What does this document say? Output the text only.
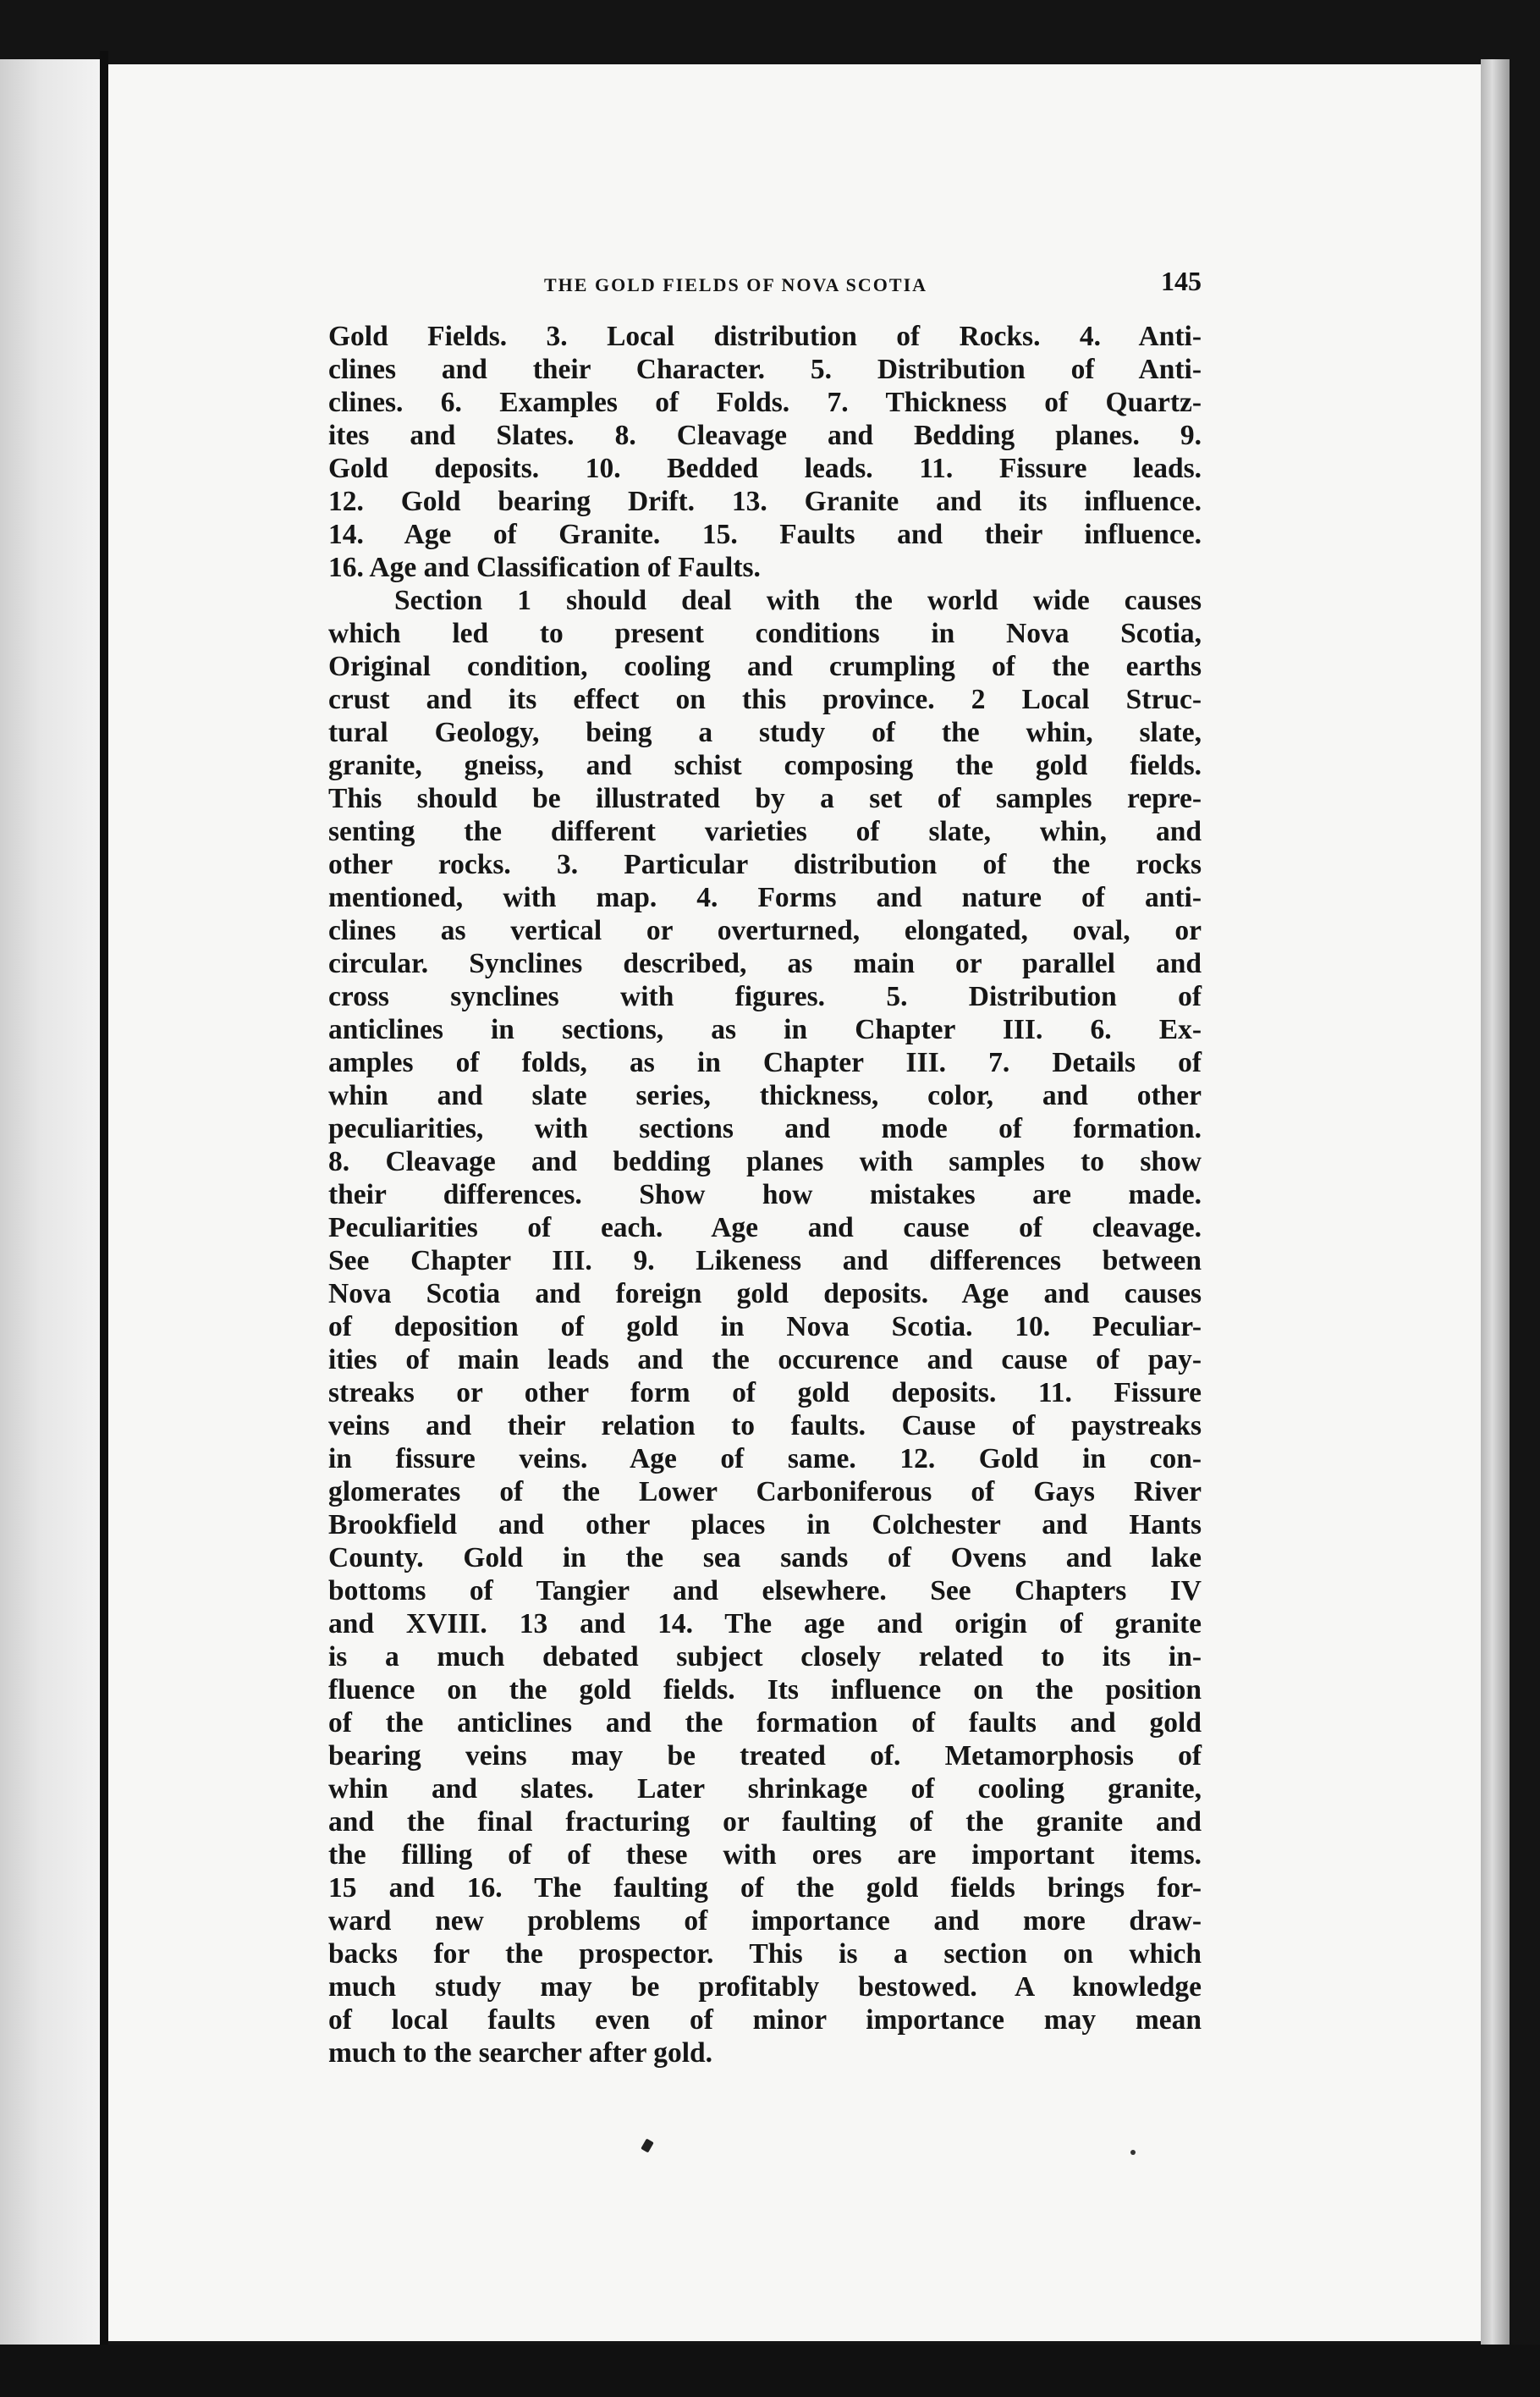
THE GOLD FIELDS OF NOVA SCOTIA	145
Gold Fields. 3. Local distribution of Rocks. 4. Anti-
clines and their Character. 5. Distribution of Anti-
clines. 6. Examples of Folds. 7. Thickness of Quartz-
ites and Slates. 8. Cleavage and Bedding planes. 9.
Gold deposits. 10. Bedded leads. 11. Fissure leads.
12. Gold bearing Drift. 13. Granite and its influence.
14. Age of Granite. 15. Faults and their influence.
16. Age and Classification of Faults.
Section 1 should deal with the world wide causes
which led to present conditions in Nova Scotia,
Original condition, cooling and crumpling of the earths
crust and its effect on this province. 2 Local Struc-
tural Geology, being a study of the whin, slate,
granite, gneiss, and schist composing the gold fields.
This should be illustrated by a set of samples repre-
senting the different varieties of slate, whin, and
other rocks. 3. Particular distribution of the rocks
mentioned, with map. 4. Forms and nature of anti-
clines as vertical or overturned, elongated, oval, or
circular. Synclines described, as main or parallel and
cross synclines with figures. 5. Distribution of
anticlines in sections, as in Chapter III. 6. Ex-
amples of folds, as in Chapter III. 7. Details of
whin and slate series, thickness, color, and other
peculiarities, with sections and mode of formation.
8. Cleavage and bedding planes with samples to show
their differences. Show how mistakes are made.
Peculiarities of each. Age and cause of cleavage.
See Chapter III. 9. Likeness and differences between
Nova Scotia and foreign gold deposits. Age and causes
of deposition of gold in Nova Scotia. 10. Peculiar-
ities of main leads and the occurence and cause of pay-
streaks or other form of gold deposits. 11. Fissure
veins and their relation to faults. Cause of paystreaks
in fissure veins. Age of same. 12. Gold in con-
glomerates of the Lower Carboniferous of Gays River
Brookfield and other places in Colchester and Hants
County. Gold in the sea sands of Ovens and lake
bottoms of Tangier and elsewhere. See Chapters IV
and XVIII. 13 and 14. The age and origin of granite
is a much debated subject closely related to its in-
fluence on the gold fields. Its influence on the position
of the anticlines and the formation of faults and gold
bearing veins may be treated of. Metamorphosis of
whin and slates. Later shrinkage of cooling granite,
and the final fracturing or faulting of the granite and
the filling of of these with ores are important items.
15 and 16. The faulting of the gold fields brings for-
ward new problems of importance and more draw-
backs for the prospector. This is a section on which
much study may be profitably bestowed. A knowledge
of local faults even of minor importance may mean
much to the searcher after gold.
